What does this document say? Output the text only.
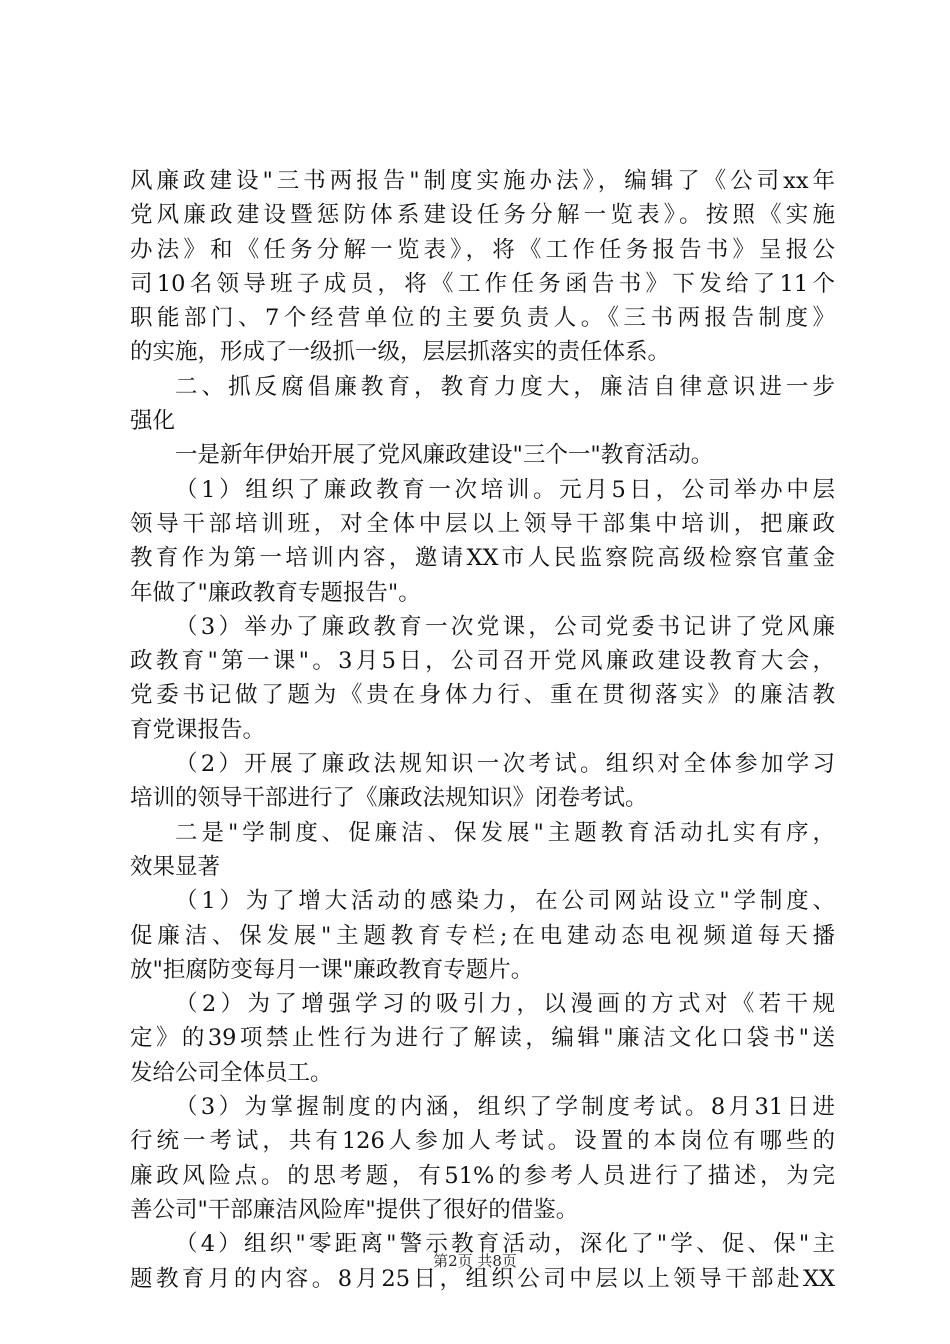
风廉政建设"三书两报告"制度实施办法》，编辑了《公司xx年
党风廉政建设暨惩防体系建设任务分解一览表》。按照《实施
办法》和《任务分解一览表》，将《工作任务报告书》呈报公
司10名领导班子成员，将《工作任务函告书》下发给了11个
职能部门、7个经营单位的主要负责人。《三书两报告制度》
的实施，形成了一级抓一级，层层抓落实的责任体系。
二、抓反腐倡廉教育，教育力度大，廉洁自律意识进一步
强化
一是新年伊始开展了党风廉政建设"三个一"教育活动。
（1）组织了廉政教育一次培训。元月5日，公司举办中层
领导干部培训班，对全体中层以上领导干部集中培训，把廉政
教育作为第一培训内容，邀请XX市人民监察院高级检察官董金
年做了"廉政教育专题报告"。
（3）举办了廉政教育一次党课，公司党委书记讲了党风廉
政教育"第一课"。3月5日，公司召开党风廉政建设教育大会，
党委书记做了题为《贵在身体力行、重在贯彻落实》的廉洁教
育党课报告。
（2）开展了廉政法规知识一次考试。组织对全体参加学习
培训的领导干部进行了《廉政法规知识》闭卷考试。
二是"学制度、促廉洁、保发展"主题教育活动扎实有序，
效果显著
（1）为了增大活动的感染力，在公司网站设立"学制度、
促廉洁、保发展"主题教育专栏;在电建动态电视频道每天播
放"拒腐防变每月一课"廉政教育专题片。
（2）为了增强学习的吸引力，以漫画的方式对《若干规
定》的39项禁止性行为进行了解读，编辑"廉洁文化口袋书"送
发给公司全体员工。
（3）为掌握制度的内涵，组织了学制度考试。8月31日进
行统一考试，共有126人参加人考试。设置的本岗位有哪些的
廉政风险点。的思考题，有51%的参考人员进行了描述，为完
善公司"干部廉洁风险库"提供了很好的借鉴。
（4）组织"零距离"警示教育活动，深化了"学、促、保"主
题教育月的内容。8月25日，组织公司中层以上领导干部赴XX
第2页 共8页
